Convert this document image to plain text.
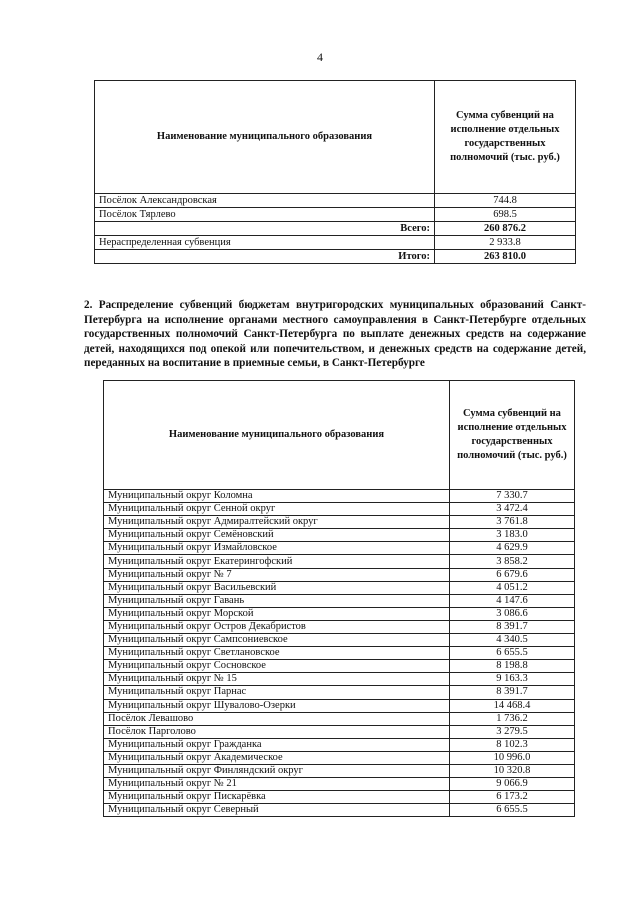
4
Наименование муниципального образования	Сумма субвенций на исполнение отдельных государственных полномочий (тыс. руб.)
Посёлок Александровская	744.8
Посёлок Тярлево	698.5
Всего:	260 876.2
Нераспределенная субвенция	2 933.8
Итого:	263 810.0
2. Распределение субвенций бюджетам внутригородских муниципальных образований Санкт-Петербурга на исполнение органами местного самоуправления в Санкт-Петербурге отдельных государственных полномочий Санкт-Петербурга по выплате денежных средств на содержание детей, находящихся под опекой или попечительством, и денежных средств на содержание детей, переданных на воспитание в приемные семьи, в Санкт-Петербурге
Наименование муниципального образования	Сумма субвенций на исполнение отдельных государственных полномочий (тыс. руб.)
Муниципальный округ Коломна	7 330.7
Муниципальный округ Сенной округ	3 472.4
Муниципальный округ Адмиралтейский округ	3 761.8
Муниципальный округ Семёновский	3 183.0
Муниципальный округ Измайловское	4 629.9
Муниципальный округ Екатерингофский	3 858.2
Муниципальный округ № 7	6 679.6
Муниципальный округ Васильевский	4 051.2
Муниципальный округ Гавань	4 147.6
Муниципальный округ Морской	3 086.6
Муниципальный округ Остров Декабристов	8 391.7
Муниципальный округ Сампсониевское	4 340.5
Муниципальный округ Светлановское	6 655.5
Муниципальный округ Сосновское	8 198.8
Муниципальный округ № 15	9 163.3
Муниципальный округ Парнас	8 391.7
Муниципальный округ Шувалово-Озерки	14 468.4
Посёлок Левашово	1 736.2
Посёлок Парголово	3 279.5
Муниципальный округ Гражданка	8 102.3
Муниципальный округ Академическое	10 996.0
Муниципальный округ Финляндский округ	10 320.8
Муниципальный округ № 21	9 066.9
Муниципальный округ Пискарёвка	6 173.2
Муниципальный округ Северный	6 655.5
